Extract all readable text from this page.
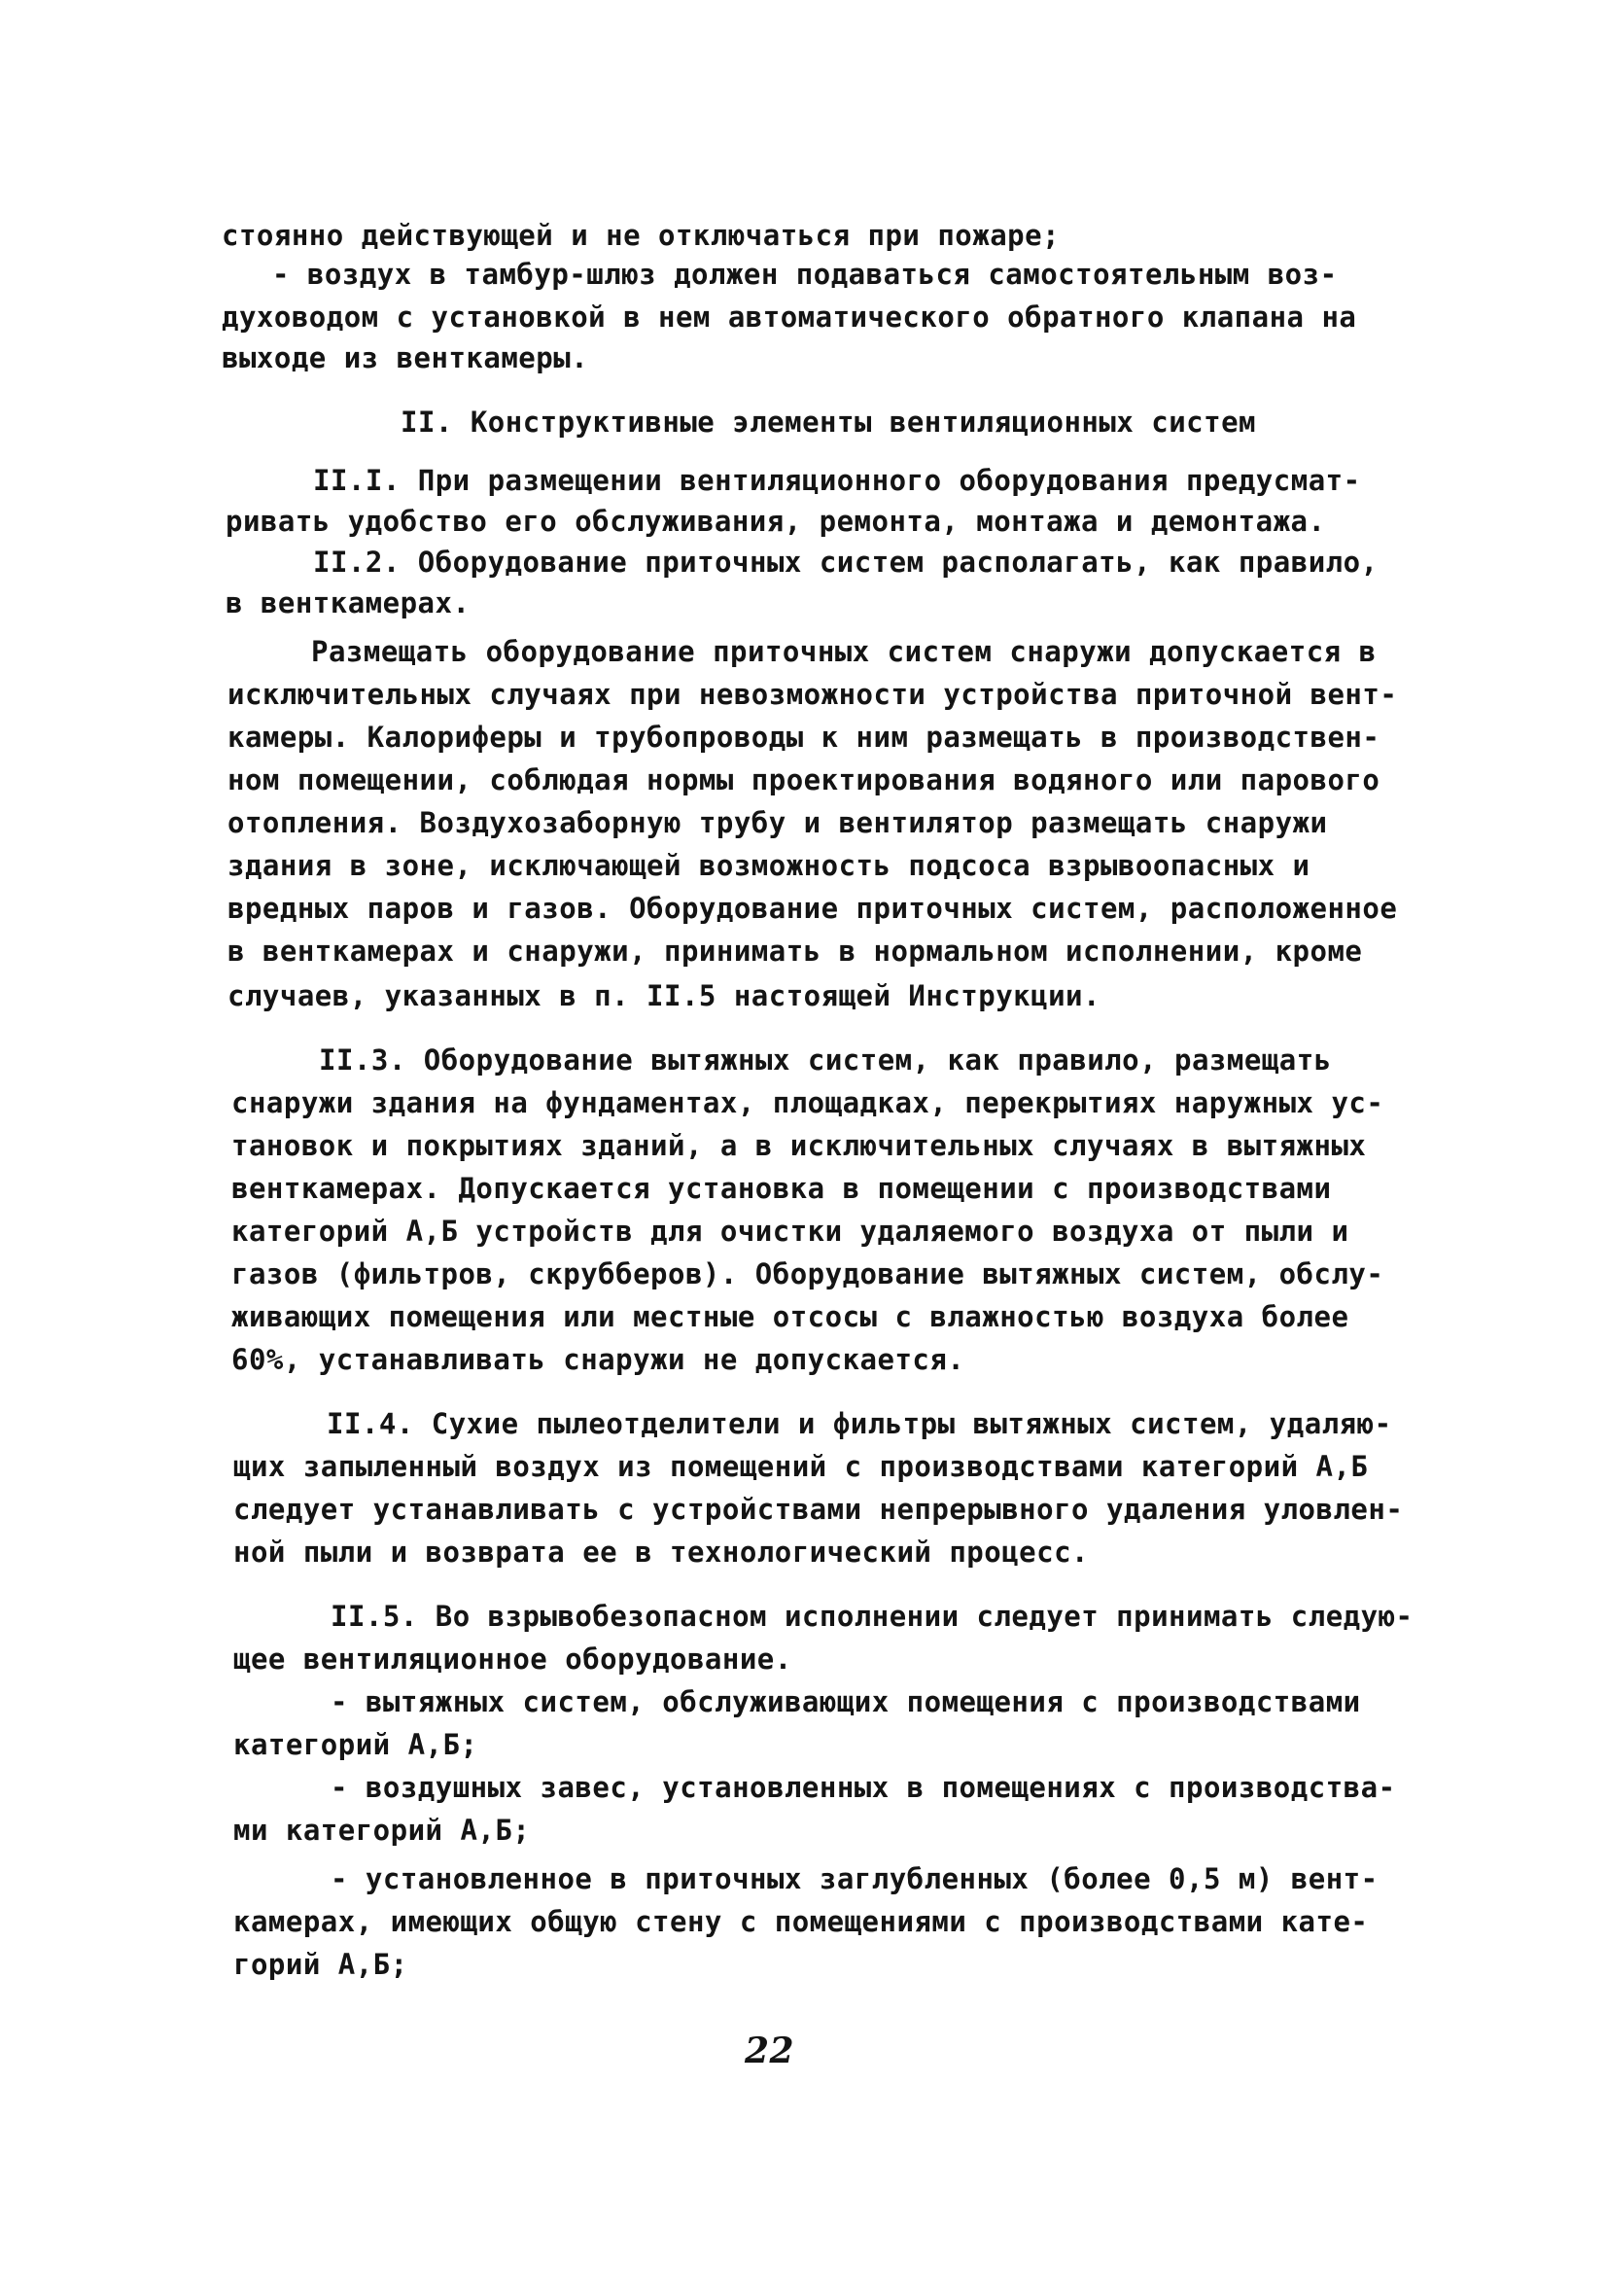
стоянно действующей и не отключаться при пожаре;
- воздух в тамбур-шлюз должен подаваться самостоятельным воз-
духоводом с установкой в нем автоматического обратного клапана на
выходе из венткамеры.
II. Конструктивные элементы вентиляционных систем
II.I. При размещении вентиляционного оборудования предусмат-
ривать удобство его обслуживания, ремонта, монтажа и демонтажа.
II.2. Оборудование приточных систем располагать, как правило,
в венткамерах.
Размещать оборудование приточных систем снаружи допускается в
исключительных случаях при невозможности устройства приточной вент-
камеры. Калориферы и трубопроводы к ним размещать в производствен-
ном помещении, соблюдая нормы проектирования водяного или парового
отопления. Воздухозаборную трубу и вентилятор размещать снаружи
здания в зоне, исключающей возможность подсоса взрывоопасных и
вредных паров и газов. Оборудование приточных систем, расположенное
в венткамерах и снаружи, принимать в нормальном исполнении, кроме
случаев, указанных в п. II.5 настоящей Инструкции.
II.3. Оборудование вытяжных систем, как правило, размещать
снаружи здания на фундаментах, площадках, перекрытиях наружных ус-
тановок и покрытиях зданий, а в исключительных случаях в вытяжных
венткамерах. Допускается установка в помещении с производствами
категорий А,Б устройств для очистки удаляемого воздуха от пыли и
газов (фильтров, скрубберов). Оборудование вытяжных систем, обслу-
живающих помещения или местные отсосы с влажностью воздуха более
60%, устанавливать снаружи не допускается.
II.4. Сухие пылеотделители и фильтры вытяжных систем, удаляю-
щих запыленный воздух из помещений с производствами категорий А,Б
следует устанавливать с устройствами непрерывного удаления уловлен-
ной пыли и возврата ее в технологический процесс.
II.5. Во взрывобезопасном исполнении следует принимать следую-
щее вентиляционное оборудование.
- вытяжных систем, обслуживающих помещения с производствами
категорий А,Б;
- воздушных завес, установленных в помещениях с производства-
ми категорий А,Б;
- установленное в приточных заглубленных (более 0,5 м) вент-
камерах, имеющих общую стену с помещениями с производствами кате-
горий А,Б;
22
